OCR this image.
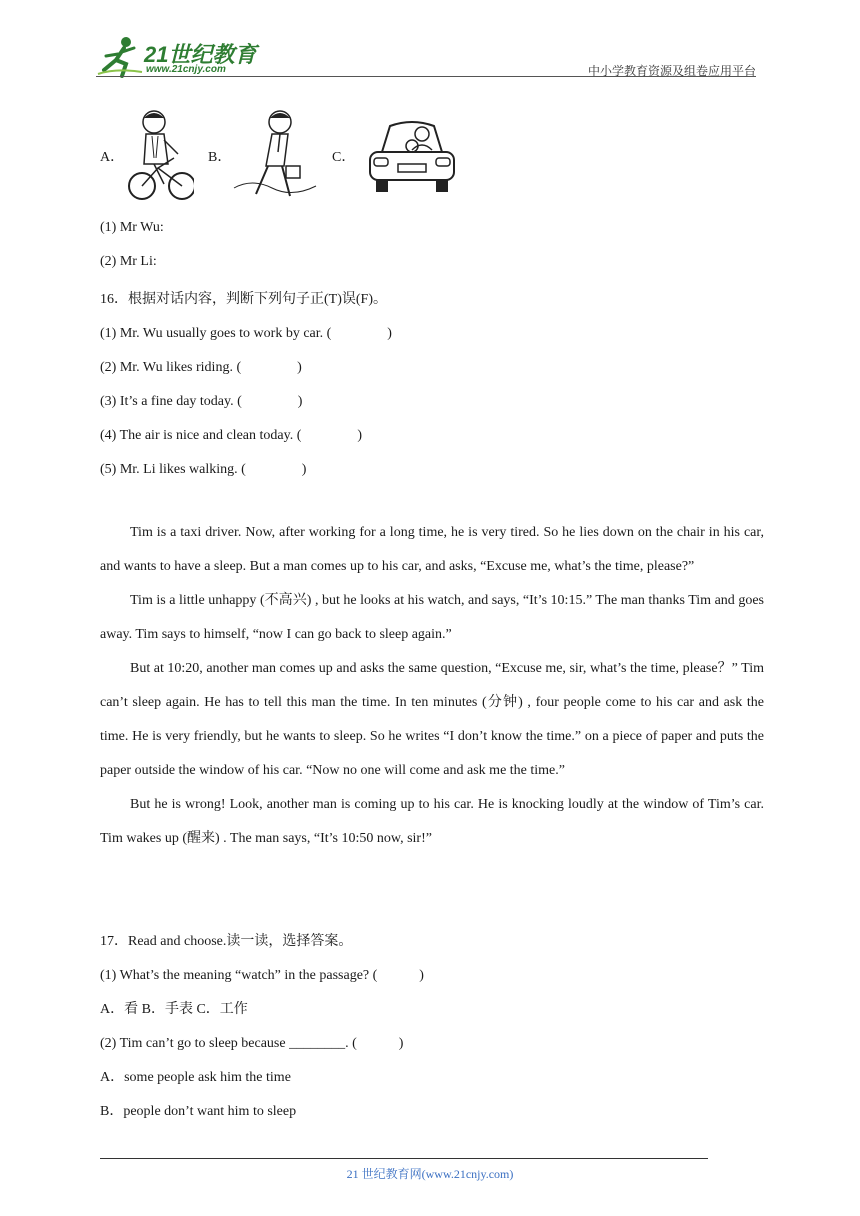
21世纪教育
www.21cnjy.com	中小学教育资源及组卷应用平台
A．	B．	C．
(1) Mr Wu:
(2) Mr Li:
16．根据对话内容，判断下列句子正(T)误(F)。
(1) Mr. Wu usually goes to work by car. (　　　　)
(2) Mr. Wu likes riding. (　　　　)
(3) It’s a fine day today. (　　　　)
(4) The air is nice and clean today. (　　　　)
(5) Mr. Li likes walking. (　　　　)

Tim is a taxi driver. Now, after working for a long time, he is very tired. So he lies down on the chair in his car, and wants to have a sleep. But a man comes up to his car, and asks, “Excuse me, what’s the time, please?”

Tim is a little unhappy (不高兴) , but he looks at his watch, and says, “It’s 10:15.” The man thanks Tim and goes away. Tim says to himself, “now I can go back to sleep again.”

But at 10:20, another man comes up and asks the same question, “Excuse me, sir, what’s the time, please？” Tim can’t sleep again. He has to tell this man the time. In ten minutes (分钟) , four people come to his car and ask the time. He is very friendly, but he wants to sleep. So he writes “I don’t know the time.” on a piece of paper and puts the paper outside the window of his car. “Now no one will come and ask me the time.”

But he is wrong! Look, another man is coming up to his car. He is knocking loudly at the window of Tim’s car. Tim wakes up (醒来) . The man says, “It’s 10:50 now, sir!”

17．Read and choose.读一读，选择答案。
(1) What’s the meaning “watch” in the passage? (　　　)
A．看 B．手表 C．工作
(2) Tim can’t go to sleep because ________. (　　　)
A．some people ask him the time
B．people don’t want him to sleep
21 世纪教育网(www.21cnjy.com)
